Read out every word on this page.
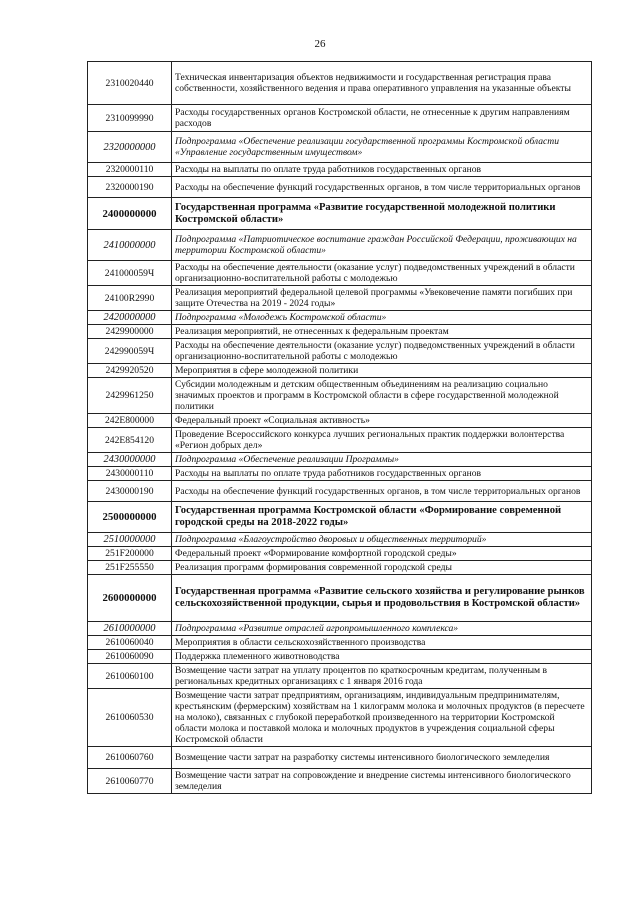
26
2310020440	Техническая инвентаризация объектов недвижимости и государственная регистрация права собственности, хозяйственного ведения и права оперативного управления на указанные объекты
2310099990	Расходы государственных органов Костромской области, не отнесенные к другим направлениям расходов
2320000000	Подпрограмма «Обеспечение реализации государственной программы Костромской области «Управление государственным имуществом»
2320000110	Расходы на выплаты по оплате труда работников государственных органов
2320000190	Расходы на обеспечение функций государственных органов, в том числе территориальных органов
2400000000	Государственная программа «Развитие государственной молодежной политики Костромской области»
2410000000	Подпрограмма «Патриотическое воспитание граждан Российской Федерации, проживающих на территории Костромской области»
241000059Ч	Расходы на обеспечение деятельности (оказание услуг) подведомственных учреждений в области организационно-воспитательной работы с молодежью
24100R2990	Реализация мероприятий федеральной целевой программы «Увековечение памяти погибших при защите Отечества на 2019 - 2024 годы»
2420000000	Подпрограмма «Молодежь Костромской области»
2429900000	Реализация мероприятий, не отнесенных к федеральным проектам
242990059Ч	Расходы на обеспечение деятельности (оказание услуг) подведомственных учреждений в области организационно-воспитательной работы с молодежью
2429920520	Мероприятия в сфере молодежной политики
2429961250	Субсидии молодежным и детским общественным объединениям на реализацию социально значимых проектов и программ в Костромской области в сфере государственной молодежной политики
242E800000	Федеральный проект «Социальная активность»
242E854120	Проведение Всероссийского конкурса лучших региональных практик поддержки волонтерства «Регион добрых дел»
2430000000	Подпрограмма «Обеспечение реализации Программы»
2430000110	Расходы на выплаты по оплате труда работников государственных органов
2430000190	Расходы на обеспечение функций государственных органов, в том числе территориальных органов
2500000000	Государственная программа Костромской области «Формирование современной городской среды на 2018-2022 годы»
2510000000	Подпрограмма «Благоустройство дворовых и общественных территорий»
251F200000	Федеральный проект «Формирование комфортной городской среды»
251F255550	Реализация программ формирования современной городской среды
2600000000	Государственная программа «Развитие сельского хозяйства и регулирование рынков сельскохозяйственной продукции, сырья и продовольствия в Костромской области»
2610000000	Подпрограмма «Развитие отраслей агропромышленного комплекса»
2610060040	Мероприятия в области сельскохозяйственного производства
2610060090	Поддержка племенного животноводства
2610060100	Возмещение части затрат на уплату процентов по краткосрочным кредитам, полученным в региональных кредитных организациях с 1 января 2016 года
2610060530	Возмещение части затрат предприятиям, организациям, индивидуальным предпринимателям, крестьянским (фермерским) хозяйствам на 1 килограмм молока и молочных продуктов (в пересчете на молоко), связанных с глубокой переработкой произведенного на территории Костромской области молока и поставкой молока и молочных продуктов в учреждения социальной сферы Костромской области
2610060760	Возмещение части затрат на разработку системы интенсивного биологического земледелия
2610060770	Возмещение части затрат на сопровождение и внедрение системы интенсивного биологического земледелия
